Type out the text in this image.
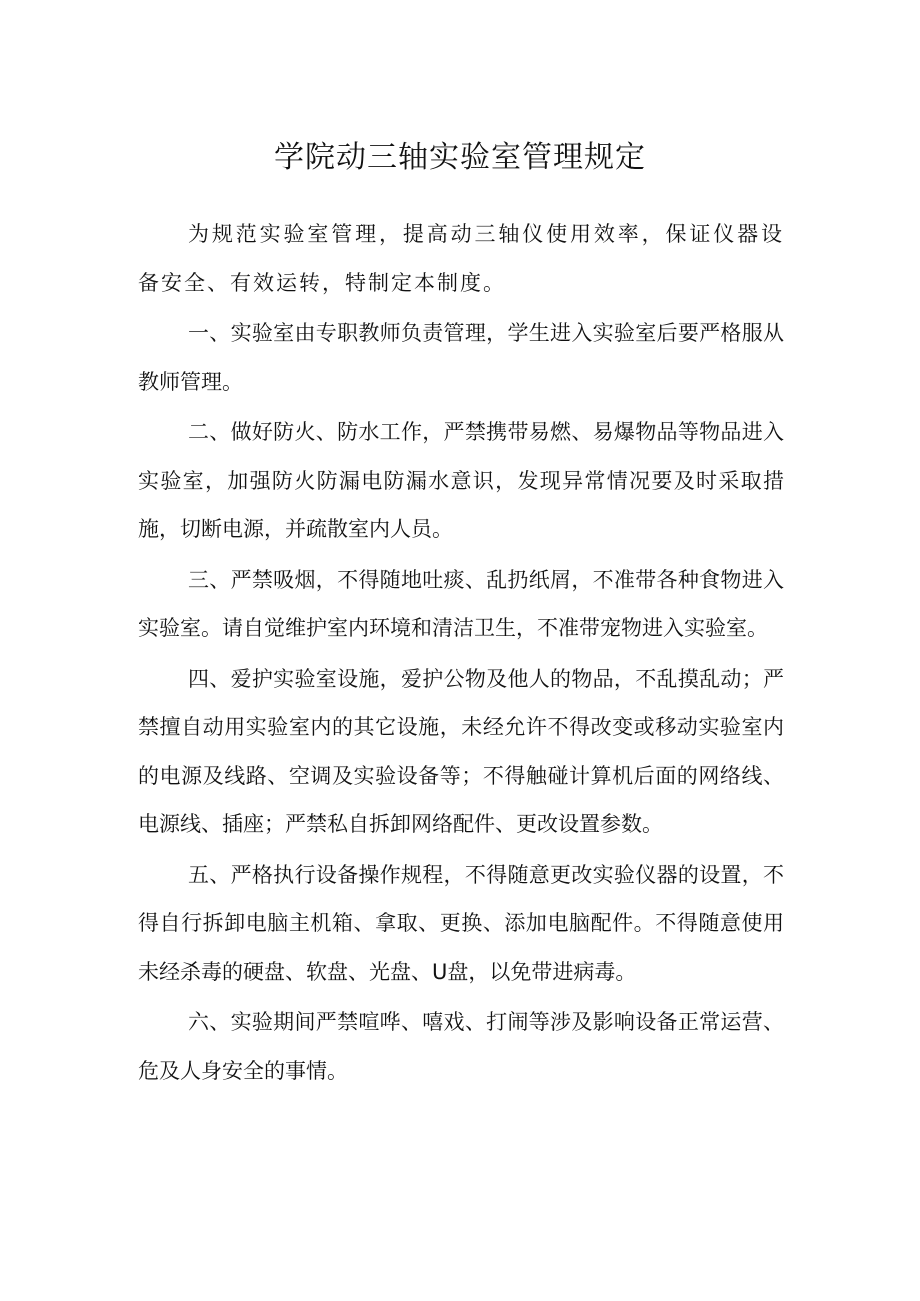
学院动三轴实验室管理规定

为规范实验室管理，提高动三轴仪使用效率，保证仪器设备安全、有效运转，特制定本制度。

一、实验室由专职教师负责管理，学生进入实验室后要严格服从教师管理。

二、做好防火、防水工作，严禁携带易燃、易爆物品等物品进入实验室，加强防火防漏电防漏水意识，发现异常情况要及时采取措施，切断电源，并疏散室内人员。

三、严禁吸烟，不得随地吐痰、乱扔纸屑，不准带各种食物进入实验室。请自觉维护室内环境和清洁卫生，不准带宠物进入实验室。

四、爱护实验室设施，爱护公物及他人的物品，不乱摸乱动；严禁擅自动用实验室内的其它设施，未经允许不得改变或移动实验室内的电源及线路、空调及实验设备等；不得触碰计算机后面的网络线、电源线、插座；严禁私自拆卸网络配件、更改设置参数。

五、严格执行设备操作规程，不得随意更改实验仪器的设置，不得自行拆卸电脑主机箱、拿取、更换、添加电脑配件。不得随意使用未经杀毒的硬盘、软盘、光盘、U盘，以免带进病毒。

六、实验期间严禁喧哗、嘻戏、打闹等涉及影响设备正常运营、危及人身安全的事情。
